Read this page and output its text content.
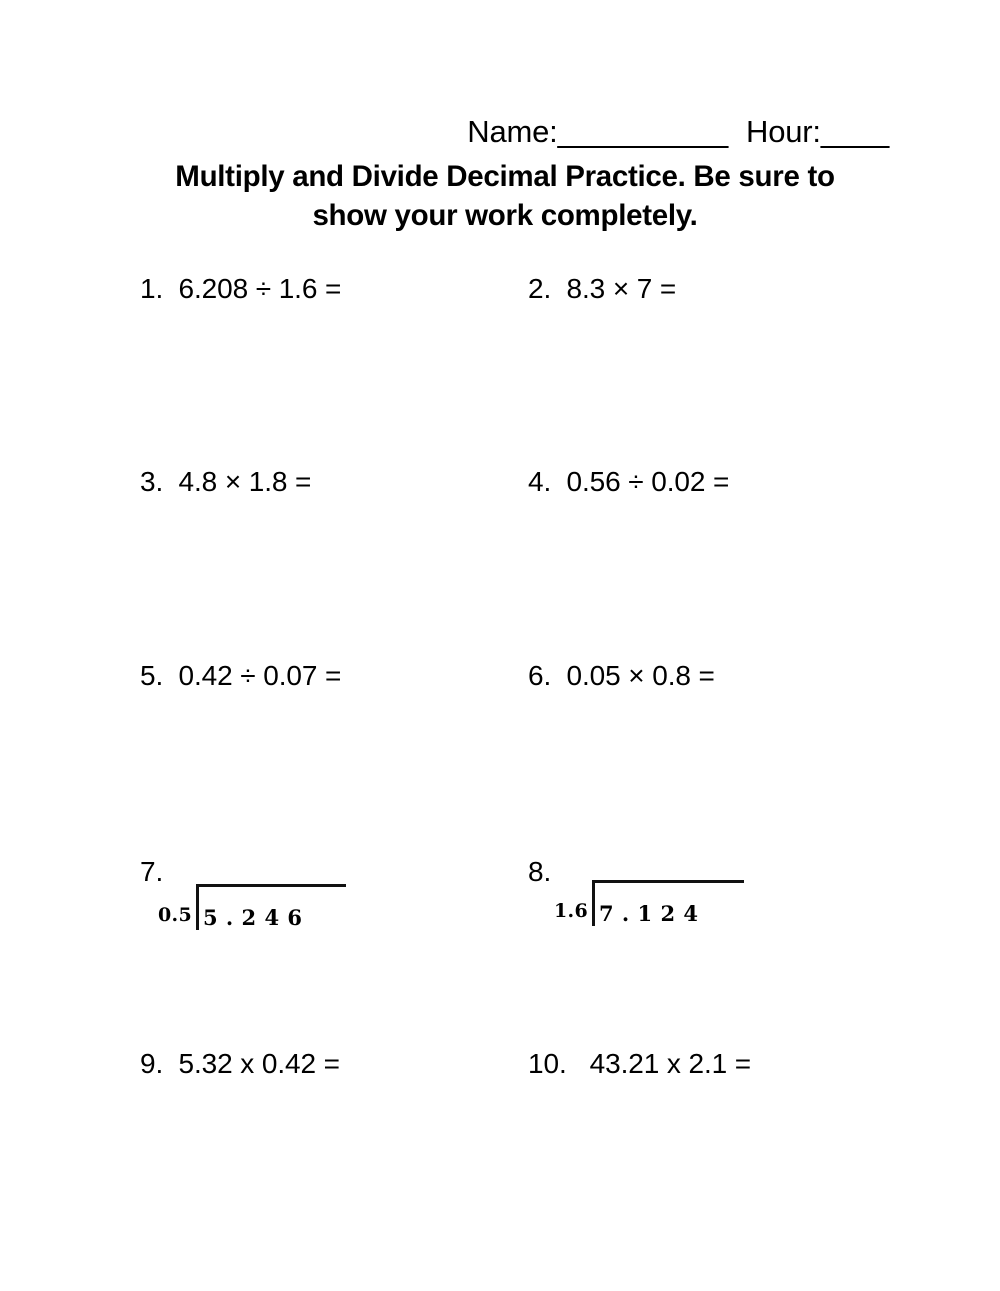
Name:__________ Hour:____
Multiply and Divide Decimal Practice. Be sure to
show your work completely.
1.  6.208 ÷ 1.6 =	2.  8.3 × 7 =
3.  4.8 × 1.8 =	4.  0.56 ÷ 0.02 =
5.  0.42 ÷ 0.07 =	6.  0.05 × 0.8 =
7.
0.5 5 . 2 4 6
8.
1.6 7 . 1 2 4
9.  5.32 x 0.42 =	10.   43.21 x 2.1 =
